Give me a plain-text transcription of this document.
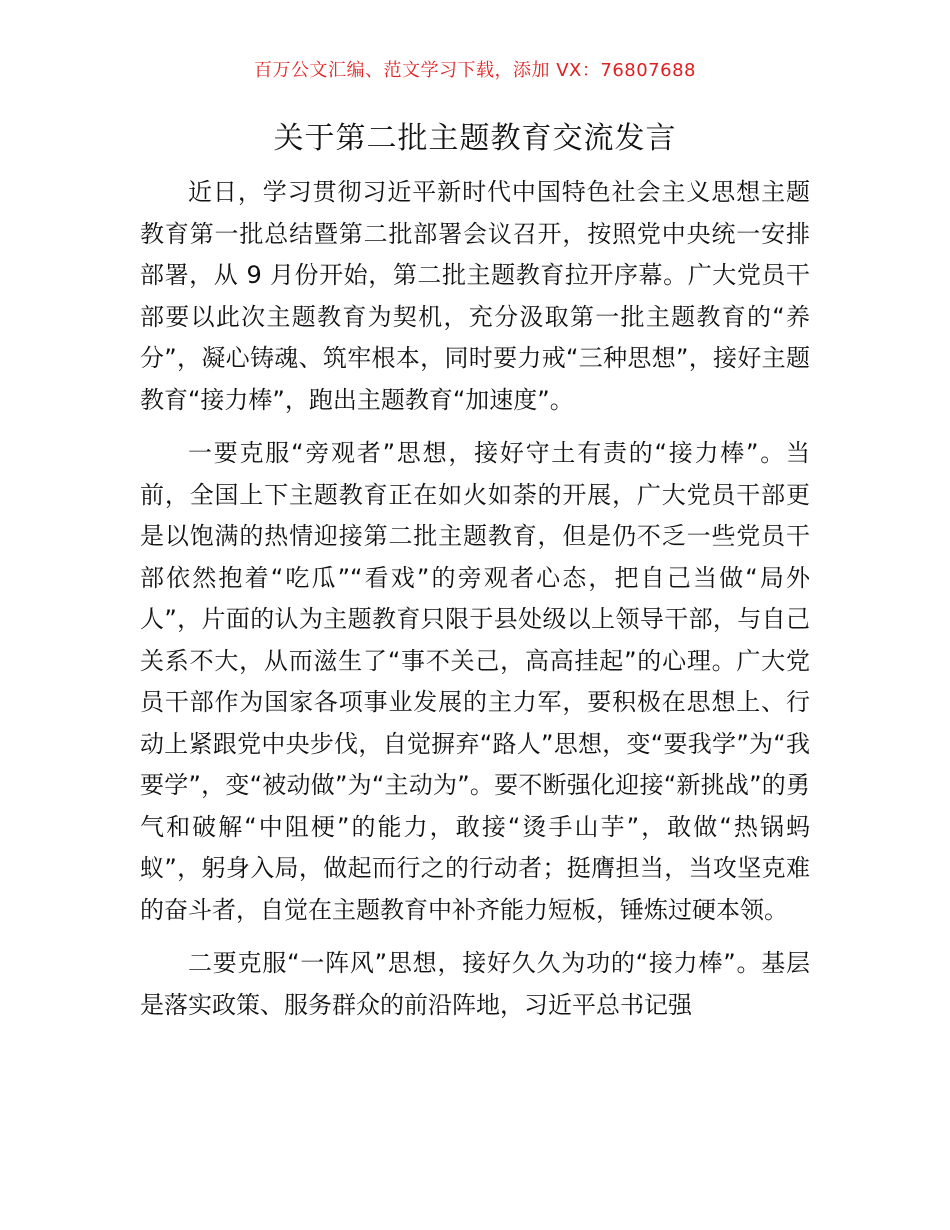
百万公文汇编、范文学习下载，添加 VX：76807688
关于第二批主题教育交流发言

近日，学习贯彻习近平新时代中国特色社会主义思想主题教育第一批总结暨第二批部署会议召开，按照党中央统一安排部署，从 9 月份开始，第二批主题教育拉开序幕。广大党员干部要以此次主题教育为契机，充分汲取第一批主题教育的“养分”，凝心铸魂、筑牢根本，同时要力戒“三种思想”，接好主题教育“接力棒”，跑出主题教育“加速度”。

一要克服“旁观者”思想，接好守土有责的“接力棒”。当前，全国上下主题教育正在如火如荼的开展，广大党员干部更是以饱满的热情迎接第二批主题教育，但是仍不乏一些党员干部依然抱着“吃瓜”“看戏”的旁观者心态，把自己当做“局外人”，片面的认为主题教育只限于县处级以上领导干部，与自己关系不大，从而滋生了“事不关己，高高挂起”的心理。广大党员干部作为国家各项事业发展的主力军，要积极在思想上、行动上紧跟党中央步伐，自觉摒弃“路人”思想，变“要我学”为“我要学”，变“被动做”为“主动为”。要不断强化迎接“新挑战”的勇气和破解“中阻梗”的能力，敢接“烫手山芋”，敢做“热锅蚂蚁”，躬身入局，做起而行之的行动者；挺膺担当，当攻坚克难的奋斗者，自觉在主题教育中补齐能力短板，锤炼过硬本领。

二要克服“一阵风”思想，接好久久为功的“接力棒”。基层是落实政策、服务群众的前沿阵地，习近平总书记强
